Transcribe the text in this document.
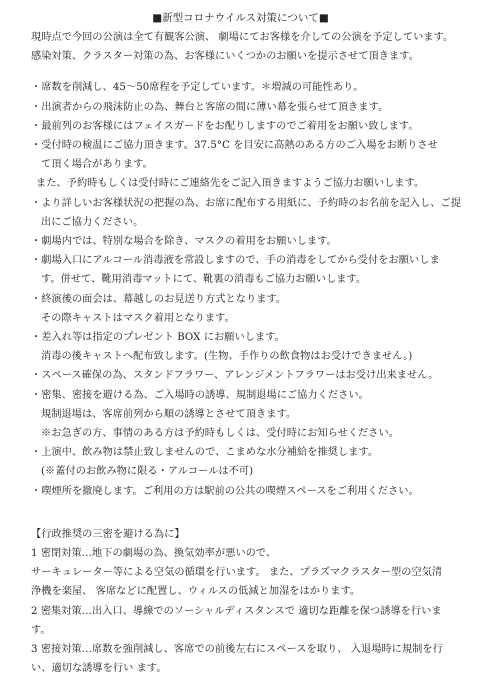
■新型コロナウイルス対策について■
現時点で今回の公演は全て有観客公演、 劇場にてお客様を介しての公演を予定しています。
感染対策、クラスター対策の為、お客様にいくつかのお願いを提示させて頂きます。
・席数を削減し、45～50席程を予定しています。＊増減の可能性あり。
・出演者からの飛沫防止の為、舞台と客席の間に薄い幕を張らせて頂きます。
・最前列のお客様にはフェイスガードをお配りしますのでご着用をお願い致します。
・受付時の検温にご協力頂きます。37.5°C を目安に高熱のある方のご入場をお断りさせ
て頂く場合があります。
また、予約時もしくは受付時にご連絡先をご記入頂きますようご協力お願いします。
・より詳しいお客様状況の把握の為、お席に配布する用紙に、予約時のお名前を記入し、ご提
出にご協力ください。
・劇場内では、特別な場合を除き、マスクの着用をお願いします。
・劇場入口にアルコール消毒液を常設しますので、手の消毒をしてから受付をお願いしま
す。併せて、靴用消毒マットにて、靴裏の消毒もご協力お願いします。
・終演後の面会は、幕越しのお見送り方式となります。
その際キャストはマスク着用となります。
・差入れ等は指定のプレゼント BOX にお願いします。
消毒の後キャストへ配布致します。(生物、手作りの飲食物はお受けできません。)
・スペース確保の為、スタンドフラワー、アレンジメントフラワーはお受け出来ません。
・密集、密接を避ける為、ご入場時の誘導、規制退場にご協力ください。
規制退場は、客席前列から順の誘導とさせて頂きます。
※お急ぎの方、事情のある方は予約時もしくは、受付時にお知らせください。
・上演中、飲み物は禁止致しませんので、こまめな水分補給を推奨します。
(※蓋付のお飲み物に限る・アルコールは不可)
・喫煙所を撤廃します。ご利用の方は駅前の公共の喫煙スペースをご利用ください。
【行政推奨の三密を避ける為に】
1 密閉対策…地下の劇場の為、換気効率が悪いので、
サーキュレーター等による空気の循環を行います。 また、プラズマクラスター型の空気清
浄機を楽屋、 客席などに配置し、ウィルスの低減と加湿をはかります。
2 密集対策…出入口、導線でのソーシャルディスタンスで 適切な距離を保つ誘導を行いま
す。
3 密接対策…席数を強削減し、客席での前後左右にスペースを取り、 入退場時に規制を行
い、適切な誘導を行い ます。
